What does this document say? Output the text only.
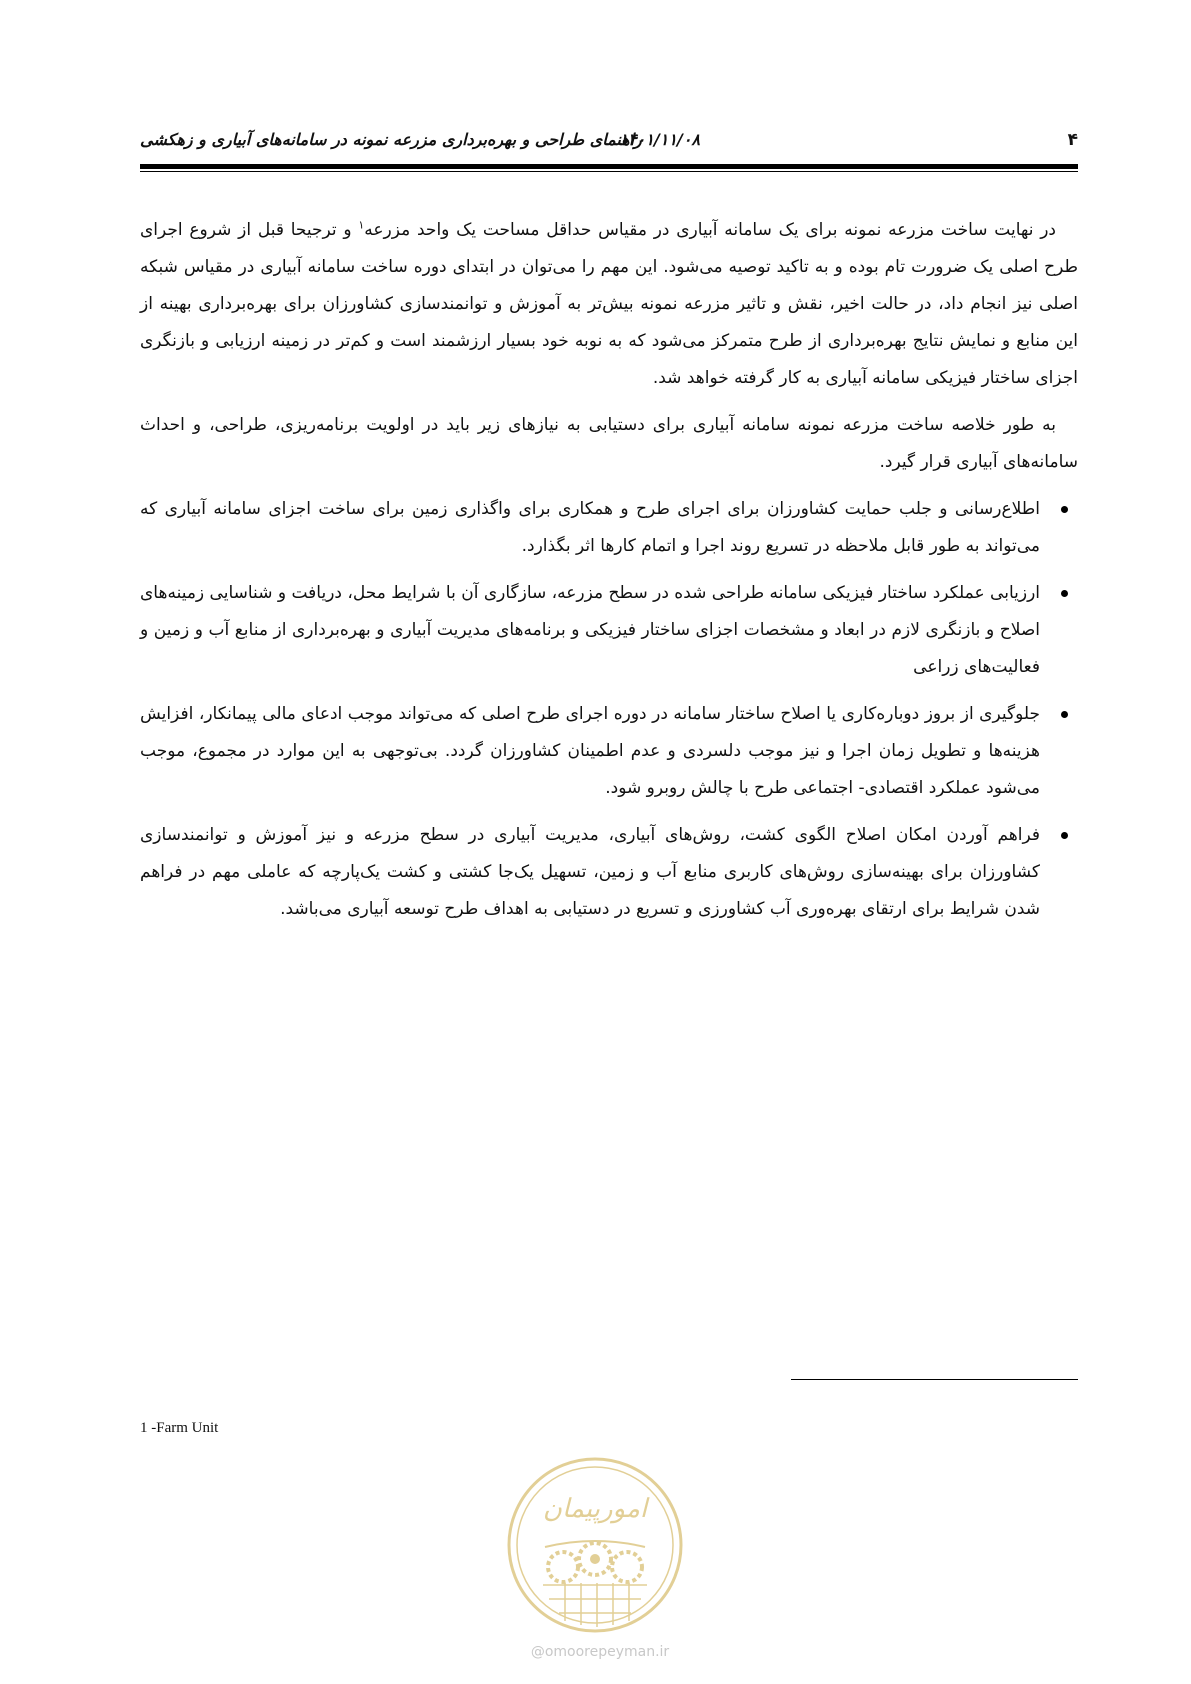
راهنمای طراحی و بهره‌برداری مزرعه نمونه در سامانه‌های آبیاری و زهکشی
۱۴۰۱/۱۱/۰۸	۴

در نهایت ساخت مزرعه نمونه برای یک سامانه آبیاری در مقیاس حداقل مساحت یک واحد مزرعه$^۱$ و ترجیحا قبل از شروع اجرای طرح اصلی یک ضرورت تام بوده و به تاکید توصیه می‌شود. این مهم را می‌توان در ابتدای دوره ساخت سامانه آبیاری در مقیاس شبکه اصلی نیز انجام داد، در حالت اخیر، نقش و تاثیر مزرعه نمونه بیش‌تر به آموزش و توانمندسازی کشاورزان برای بهره‌برداری بهینه از این منابع و نمایش نتایج بهره‌برداری از طرح متمرکز می‌شود که به نوبه خود بسیار ارزشمند است و کم‌تر در زمینه ارزیابی و بازنگری اجزای ساختار فیزیکی سامانه آبیاری به کار گرفته خواهد شد.

به طور خلاصه ساخت مزرعه نمونه سامانه آبیاری برای دستیابی به نیازهای زیر باید در اولویت برنامه‌ریزی، طراحی، و احداث سامانه‌های آبیاری قرار گیرد.

اطلاع‌رسانی و جلب حمایت کشاورزان برای اجرای طرح و همکاری برای واگذاری زمین برای ساخت اجزای سامانه آبیاری که می‌تواند به طور قابل ملاحظه در تسریع روند اجرا و اتمام کارها اثر بگذارد.
ارزیابی عملکرد ساختار فیزیکی سامانه طراحی شده در سطح مزرعه، سازگاری آن با شرایط محل، دریافت و شناسایی زمینه‌های اصلاح و بازنگری لازم در ابعاد و مشخصات اجزای ساختار فیزیکی و برنامه‌های مدیریت آبیاری و بهره‌برداری از منابع آب و زمین و فعالیت‌های زراعی
جلوگیری از بروز دوباره‌کاری یا اصلاح ساختار سامانه در دوره اجرای طرح اصلی که می‌تواند موجب ادعای مالی پیمانکار، افزایش هزینه‌ها و تطویل زمان اجرا و نیز موجب دلسردی و عدم اطمینان کشاورزان گردد. بی‌توجهی به این موارد در مجموع، موجب می‌شود عملکرد اقتصادی- اجتماعی طرح با چالش روبرو شود.
فراهم آوردن امکان اصلاح الگوی کشت، روش‌های آبیاری، مدیریت آبیاری در سطح مزرعه و نیز آموزش و توانمندسازی کشاورزان برای بهینه‌سازی روش‌های کاربری منابع آب و زمین، تسهیل یک‌جا کشتی و کشت یک‌پارچه که عاملی مهم در فراهم شدن شرایط برای ارتقای بهره‌وری آب کشاورزی و تسریع در دستیابی به اهداف طرح توسعه آبیاری می‌باشد.
1 -Farm Unit
امورپیمان
@omoorepeyman.ir
